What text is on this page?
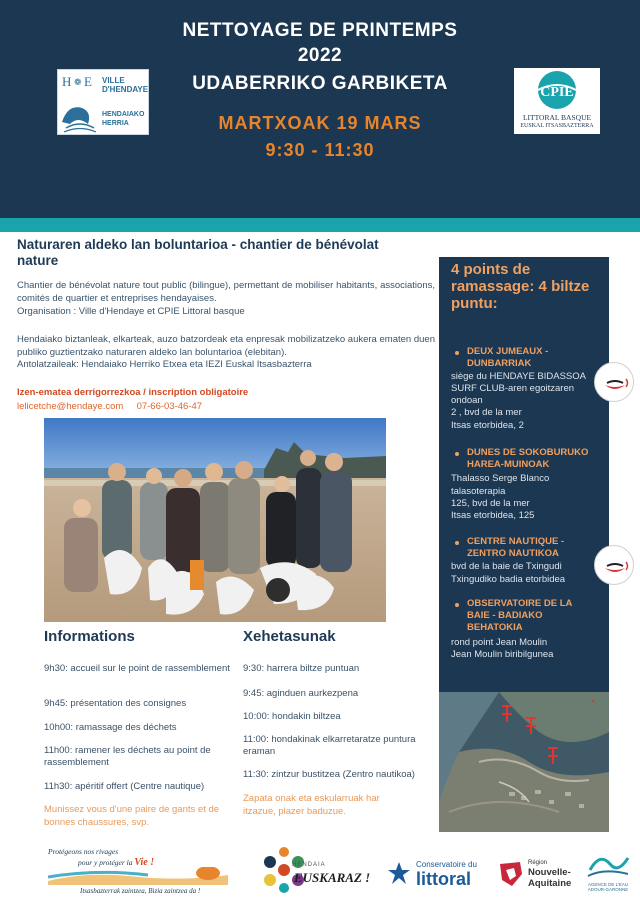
NETTOYAGE DE PRINTEMPS
2022
UDABERRIKO GARBIKETA
MARTXOAK 19 MARS
9:30 - 11:30
H ❁ E VILLE
D'HENDAYE
HENDAIAKO
HERRIA
CPIE
LITTORAL BASQUE
EUSKAL ITSASBAZTERRA
Naturaren aldeko lan boluntarioa - chantier de bénévolat nature
Chantier de bénévolat nature tout public (bilingue), permettant de mobiliser habitants, associations, comités de quartier et entreprises hendayaises.
Organisation : Ville d'Hendaye et CPIE Littoral basque
Hendaiako biztanleak, elkarteak, auzo batzordeak eta enpresak mobilizatzeko aukera ematen duen publiko guztientzako naturaren aldeko lan boluntarioa (elebitan).
Antolatzaileak: Hendaiako Herriko Etxea eta IEZI Euskal Itsasbazterra
Izen-ematea derrigorrezkoa / inscription obligatoire
leliсetche@hendaye.com 07-66-03-46-47
Informations
9h30: accueil sur le point de rassemblement
9h45: présentation des consignes
10h00: ramassage des déchets
11h00: ramener les déchets au point de rassemblement
11h30: apéritif offert (Centre nautique)
Munissez vous d'une paire de gants et de bonnes chaussures, svp.
Xehetasunak
9:30: harrera biltze puntuan
9:45: aginduen aurkezpena
10:00: hondakin biltzea
11:00: hondakinak elkarretaratze puntura eraman
11:30: zintzur bustitzea (Zentro nautikoa)
Zapata onak eta eskularruak har itzazue, plazer baduzue.
4 points de ramassage: 4 biltze puntu:
DEUX JUMEAUX - DUNBARRIAK
siège du HENDAYE BIDASSOA
SURF CLUB-aren egoitzaren
ondoan
2 , bvd de la mer
Itsas etorbidea, 2
DUNES DE SOKOBURUKO HAREA-MUINOAK
Thalasso Serge Blanco
talasoterapia
125, bvd de la mer
Itsas etorbidea, 125
CENTRE NAUTIQUE - ZENTRO NAUTIKOA
bvd de la baie de Txingudi
Txingudiko badia etorbidea
OBSERVATOIRE DE LA BAIE - BADIAKO BEHATOKIA
rond point Jean Moulin
Jean Moulin biribilgunea
Protégeons nos rivages
pour y protéger la Vie !
Itsasbazterrak zaintzea, Bizia zaintzea da !
HENDAIA
EUSKARAZ !
Conservatoire du
littoral
Région
Nouvelle-
Aquitaine	AGENCE DE L'EAU ADOUR-GARONNE
